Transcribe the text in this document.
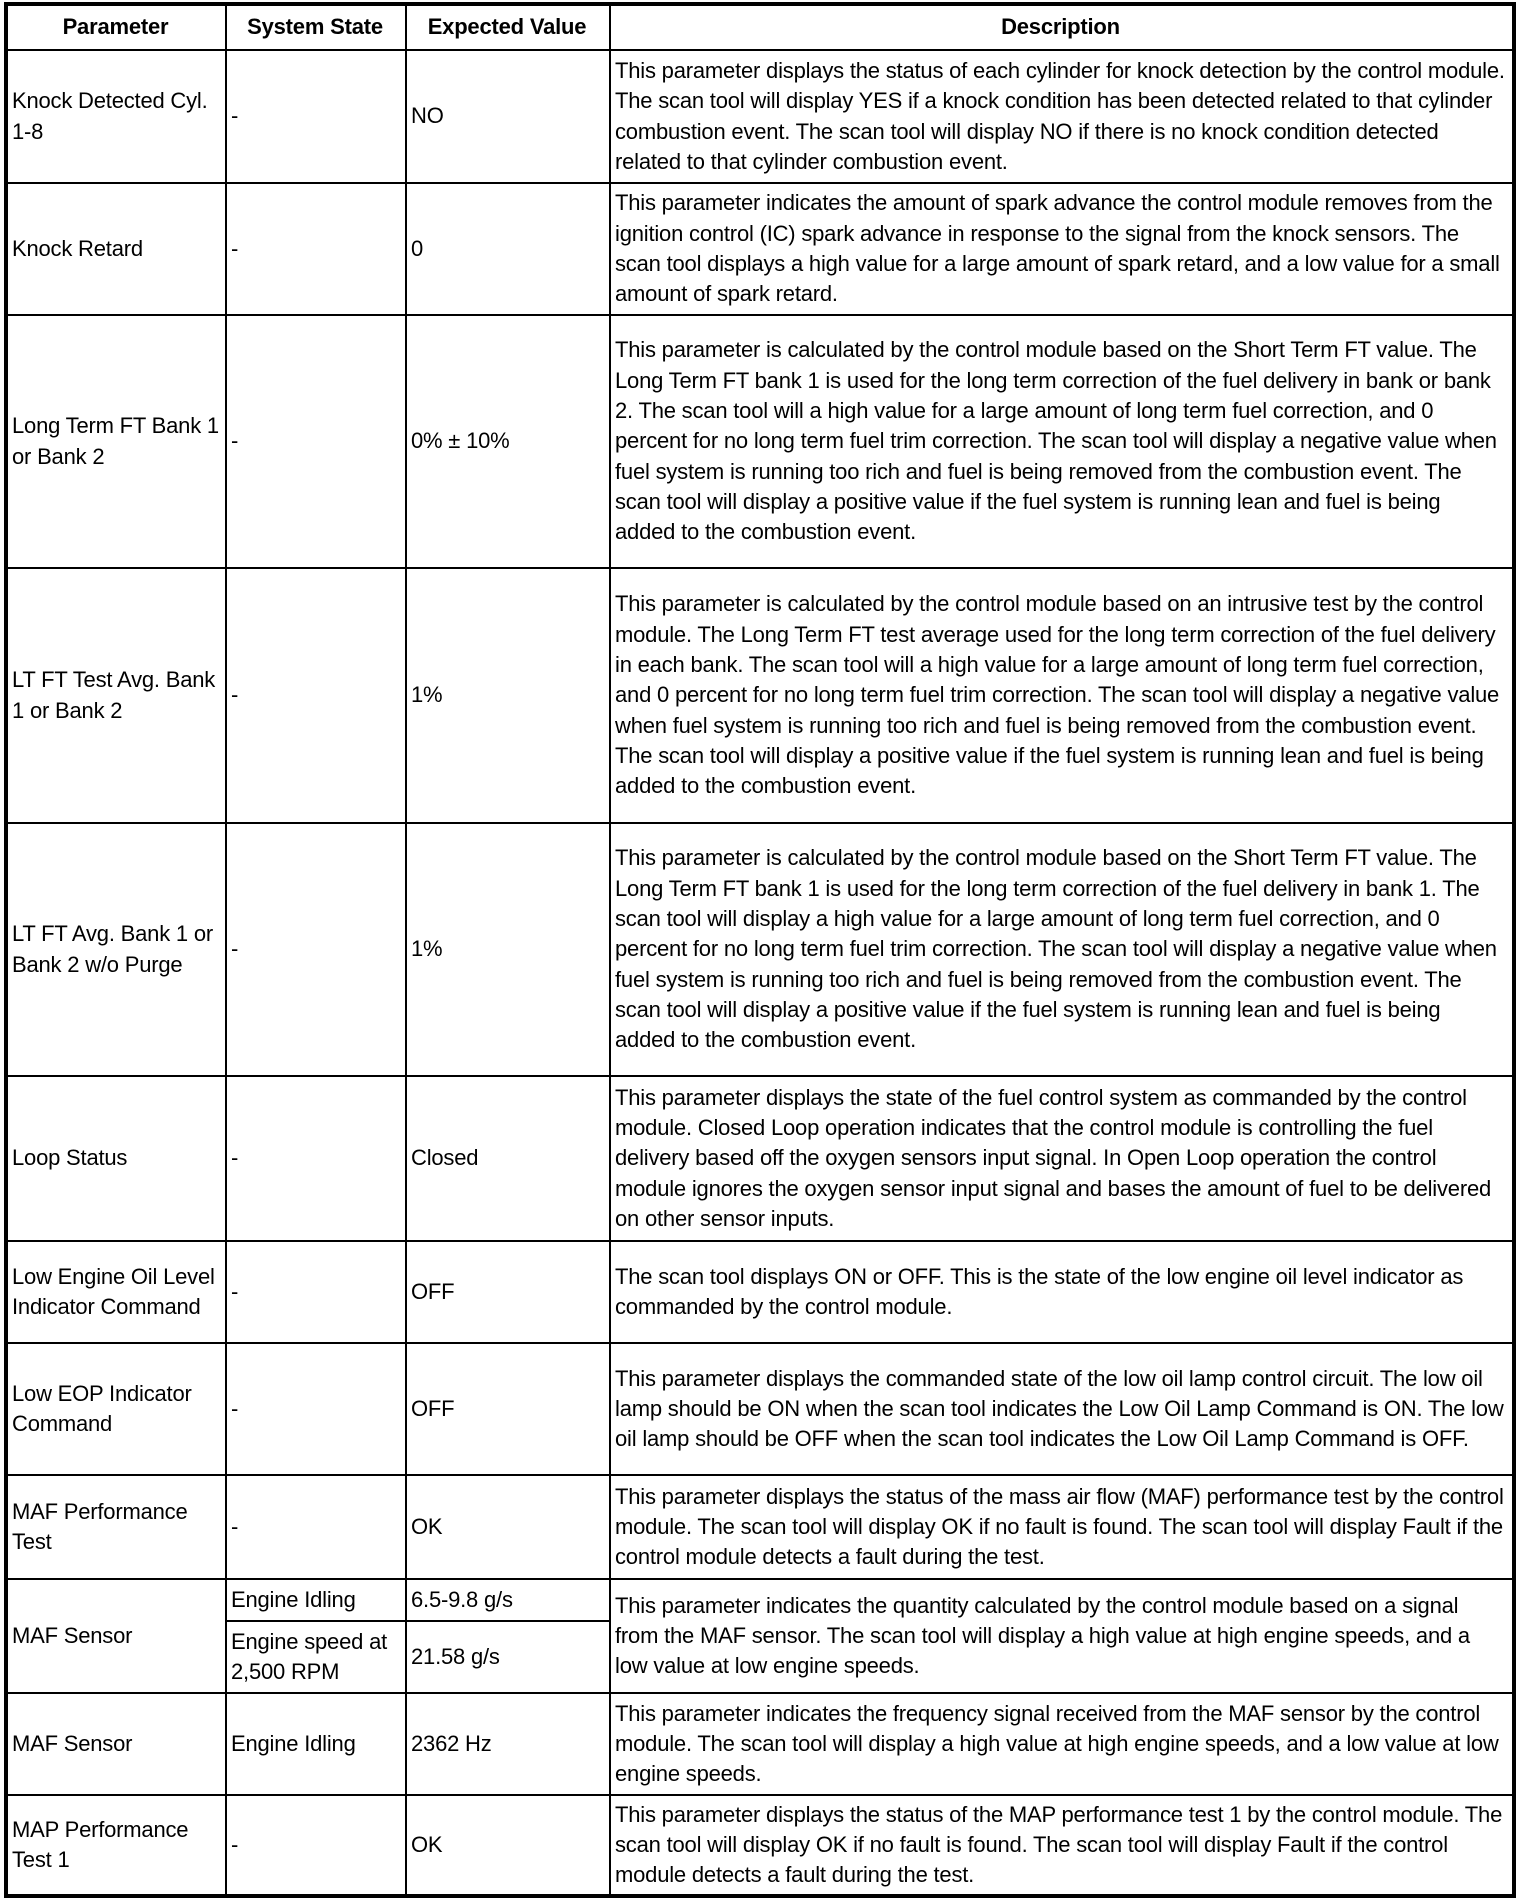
Parameter	System State	Expected Value	Description
Knock Detected Cyl. 1-8	-	NO	This parameter displays the status of each cylinder for knock detection by the control module. The scan tool will display YES if a knock condition has been detected related to that cylinder combustion event. The scan tool will display NO if there is no knock condition detected related to that cylinder combustion event.
Knock Retard	-	0	This parameter indicates the amount of spark advance the control module removes from the ignition control (IC) spark advance in response to the signal from the knock sensors. The scan tool displays a high value for a large amount of spark retard, and a low value for a small amount of spark retard.
Long Term FT Bank 1 or Bank 2	-	0% ± 10%	This parameter is calculated by the control module based on the Short Term FT value. The Long Term FT bank 1 is used for the long term correction of the fuel delivery in bank or bank 2. The scan tool will a high value for a large amount of long term fuel correction, and 0 percent for no long term fuel trim correction. The scan tool will display a negative value when fuel system is running too rich and fuel is being removed from the combustion event. The scan tool will display a positive value if the fuel system is running lean and fuel is being added to the combustion event.
LT FT Test Avg. Bank 1 or Bank 2	-	1%	This parameter is calculated by the control module based on an intrusive test by the control module. The Long Term FT test average used for the long term correction of the fuel delivery in each bank. The scan tool will a high value for a large amount of long term fuel correction, and 0 percent for no long term fuel trim correction. The scan tool will display a negative value when fuel system is running too rich and fuel is being removed from the combustion event. The scan tool will display a positive value if the fuel system is running lean and fuel is being added to the combustion event.
LT FT Avg. Bank 1 or Bank 2 w/o Purge	-	1%	This parameter is calculated by the control module based on the Short Term FT value. The Long Term FT bank 1 is used for the long term correction of the fuel delivery in bank 1. The scan tool will display a high value for a large amount of long term fuel correction, and 0 percent for no long term fuel trim correction. The scan tool will display a negative value when fuel system is running too rich and fuel is being removed from the combustion event. The scan tool will display a positive value if the fuel system is running lean and fuel is being added to the combustion event.
Loop Status	-	Closed	This parameter displays the state of the fuel control system as commanded by the control module. Closed Loop operation indicates that the control module is controlling the fuel delivery based off the oxygen sensors input signal. In Open Loop operation the control module ignores the oxygen sensor input signal and bases the amount of fuel to be delivered on other sensor inputs.
Low Engine Oil Level Indicator Command	-	OFF	The scan tool displays ON or OFF. This is the state of the low engine oil level indicator as commanded by the control module.
Low EOP Indicator Command	-	OFF	This parameter displays the commanded state of the low oil lamp control circuit. The low oil lamp should be ON when the scan tool indicates the Low Oil Lamp Command is ON. The low oil lamp should be OFF when the scan tool indicates the Low Oil Lamp Command is OFF.
MAF Performance Test	-	OK	This parameter displays the status of the mass air flow (MAF) performance test by the control module. The scan tool will display OK if no fault is found. The scan tool will display Fault if the control module detects a fault during the test.
MAF Sensor	Engine Idling	6.5-9.8 g/s	This parameter indicates the quantity calculated by the control module based on a signal from the MAF sensor. The scan tool will display a high value at high engine speeds, and a low value at low engine speeds.
	Engine speed at 2,500 RPM	21.58 g/s	
MAF Sensor	Engine Idling	2362 Hz	This parameter indicates the frequency signal received from the MAF sensor by the control module. The scan tool will display a high value at high engine speeds, and a low value at low engine speeds.
MAP Performance Test 1	-	OK	This parameter displays the status of the MAP performance test 1 by the control module. The scan tool will display OK if no fault is found. The scan tool will display Fault if the control module detects a fault during the test.
